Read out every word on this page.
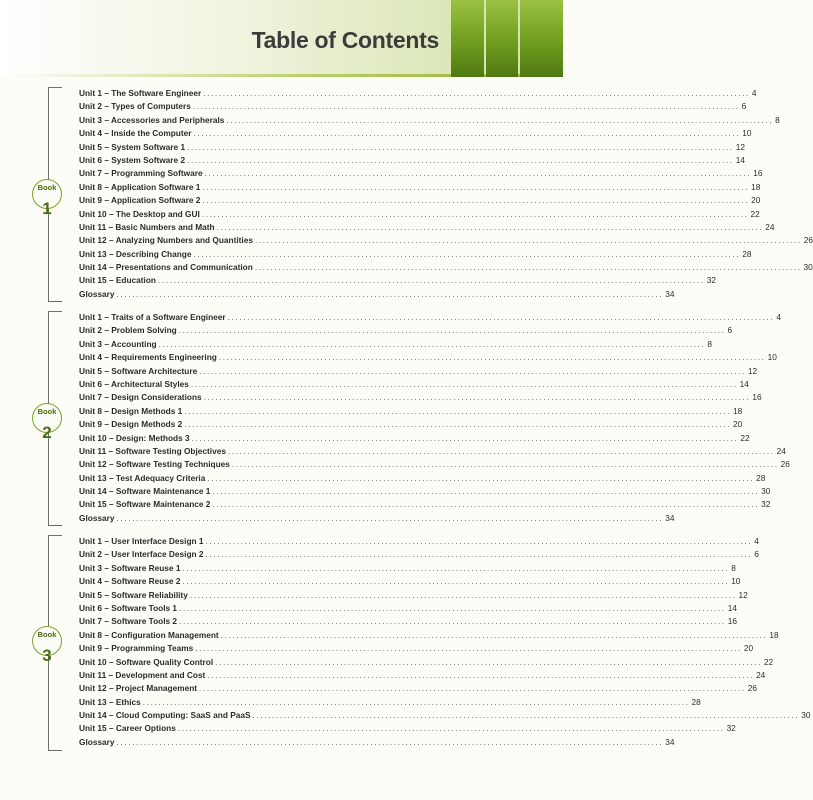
Table of Contents
Book
1
Unit 1 – The Software Engineer ............................................................................................................................................ 4
Unit 2 – Types of Computers ............................................................................................................................................ 6
Unit 3 – Accessories and Peripherals ............................................................................................................................................ 8
Unit 4 – Inside the Computer ............................................................................................................................................ 10
Unit 5 – System Software 1 ............................................................................................................................................ 12
Unit 6 – System Software 2 ............................................................................................................................................ 14
Unit 7 – Programming Software ............................................................................................................................................ 16
Unit 8 – Application Software 1 ............................................................................................................................................ 18
Unit 9 – Application Software 2 ............................................................................................................................................ 20
Unit 10 – The Desktop and GUI ............................................................................................................................................ 22
Unit 11 – Basic Numbers and Math ............................................................................................................................................ 24
Unit 12 – Analyzing Numbers and Quantities ............................................................................................................................................ 26
Unit 13 – Describing Change ............................................................................................................................................ 28
Unit 14 – Presentations and Communication ............................................................................................................................................ 30
Unit 15 – Education ............................................................................................................................................ 32
Glossary ............................................................................................................................................ 34
Book
2
Unit 1 – Traits of a Software Engineer ............................................................................................................................................ 4
Unit 2 – Problem Solving ............................................................................................................................................ 6
Unit 3 – Accounting ............................................................................................................................................ 8
Unit 4 – Requirements Engineering ............................................................................................................................................ 10
Unit 5 – Software Architecture ............................................................................................................................................ 12
Unit 6 – Architectural Styles ............................................................................................................................................ 14
Unit 7 – Design Considerations ............................................................................................................................................ 16
Unit 8 – Design Methods 1 ............................................................................................................................................ 18
Unit 9 – Design Methods 2 ............................................................................................................................................ 20
Unit 10 – Design: Methods 3 ............................................................................................................................................ 22
Unit 11 – Software Testing Objectives ............................................................................................................................................ 24
Unit 12 – Software Testing Techniques ............................................................................................................................................ 26
Unit 13 – Test Adequacy Criteria ............................................................................................................................................ 28
Unit 14 – Software Maintenance 1 ............................................................................................................................................ 30
Unit 15 – Software Maintenance 2 ............................................................................................................................................ 32
Glossary ............................................................................................................................................ 34
Book
3
Unit 1 – User Interface Design 1 ............................................................................................................................................ 4
Unit 2 – User Interface Design 2 ............................................................................................................................................ 6
Unit 3 – Software Reuse 1 ............................................................................................................................................ 8
Unit 4 – Software Reuse 2 ............................................................................................................................................ 10
Unit 5 – Software Reliability ............................................................................................................................................ 12
Unit 6 – Software Tools 1 ............................................................................................................................................ 14
Unit 7 – Software Tools 2 ............................................................................................................................................ 16
Unit 8 – Configuration Management ............................................................................................................................................ 18
Unit 9 – Programming Teams ............................................................................................................................................ 20
Unit 10 – Software Quality Control ............................................................................................................................................ 22
Unit 11 – Development and Cost ............................................................................................................................................ 24
Unit 12 – Project Management ............................................................................................................................................ 26
Unit 13 – Ethics ............................................................................................................................................ 28
Unit 14 – Cloud Computing: SaaS and PaaS ............................................................................................................................................ 30
Unit 15 – Career Options ............................................................................................................................................ 32
Glossary ............................................................................................................................................ 34
